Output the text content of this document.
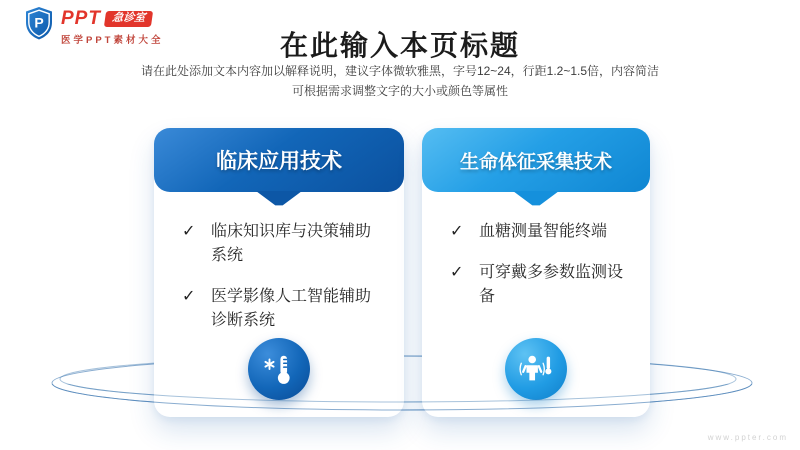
P PPT 急诊室
医学PPT素材大全	在此输入本页标题
请在此处添加文本内容加以解释说明，建议字体微软雅黑，字号12~24，行距1.2~1.5倍，内容简洁
可根据需求调整文字的大小或颜色等属性
临床应用技术
✓ 临床知识库与决策辅助系统
✓ 医学影像人工智能辅助诊断系统
生命体征采集技术
✓ 血糖测量智能终端
✓ 可穿戴多参数监测设备
www.ppter.com
